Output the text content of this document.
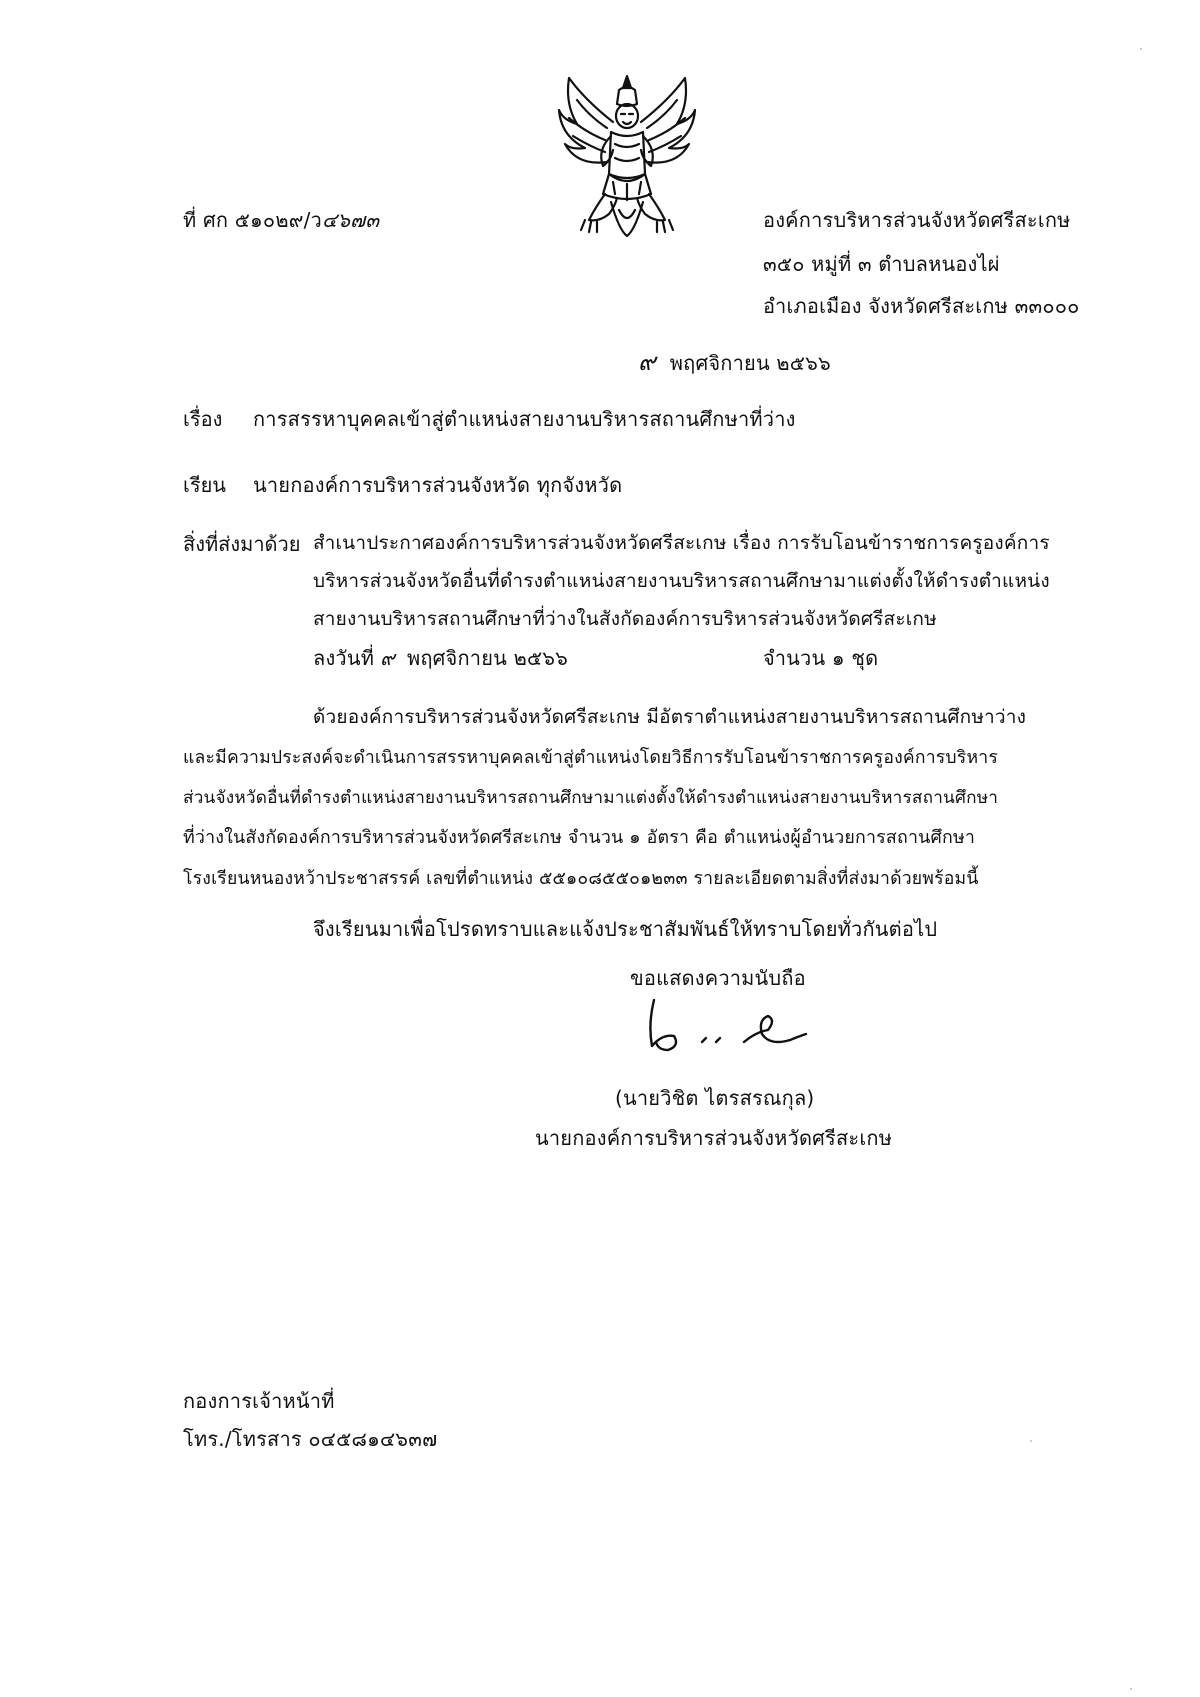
ที่ ศก ๕๑๐๒๙/ว๔๖๗๓	องค์การบริหารส่วนจังหวัดศรีสะเกษ
๓๕๐ หมู่ที่ ๓ ตำบลหนองไผ่
อำเภอเมือง จังหวัดศรีสะเกษ ๓๓๐๐๐
๙ พฤศจิกายน ๒๕๖๖
เรื่อง การสรรหาบุคคลเข้าสู่ตำแหน่งสายงานบริหารสถานศึกษาที่ว่าง
เรียน นายกองค์การบริหารส่วนจังหวัด ทุกจังหวัด
สิ่งที่ส่งมาด้วย สำเนาประกาศองค์การบริหารส่วนจังหวัดศรีสะเกษ เรื่อง การรับโอนข้าราชการครูองค์การ
บริหารส่วนจังหวัดอื่นที่ดำรงตำแหน่งสายงานบริหารสถานศึกษามาแต่งตั้งให้ดำรงตำแหน่ง
สายงานบริหารสถานศึกษาที่ว่างในสังกัดองค์การบริหารส่วนจังหวัดศรีสะเกษ
ลงวันที่ ๙ พฤศจิกายน ๒๕๖๖	จำนวน ๑ ชุด
ด้วยองค์การบริหารส่วนจังหวัดศรีสะเกษ มีอัตราตำแหน่งสายงานบริหารสถานศึกษาว่าง
และมีความประสงค์จะดำเนินการสรรหาบุคคลเข้าสู่ตำแหน่งโดยวิธีการรับโอนข้าราชการครูองค์การบริหาร
ส่วนจังหวัดอื่นที่ดำรงตำแหน่งสายงานบริหารสถานศึกษามาแต่งตั้งให้ดำรงตำแหน่งสายงานบริหารสถานศึกษา
ที่ว่างในสังกัดองค์การบริหารส่วนจังหวัดศรีสะเกษ จำนวน ๑ อัตรา คือ ตำแหน่งผู้อำนวยการสถานศึกษา
โรงเรียนหนองหว้าประชาสรรค์ เลขที่ตำแหน่ง ๕๕๑๐๘๕๕๐๑๒๓๓ รายละเอียดตามสิ่งที่ส่งมาด้วยพร้อมนี้
จึงเรียนมาเพื่อโปรดทราบและแจ้งประชาสัมพันธ์ให้ทราบโดยทั่วกันต่อไป
ขอแสดงความนับถือ
(นายวิชิต ไตรสรณกุล)
นายกองค์การบริหารส่วนจังหวัดศรีสะเกษ
กองการเจ้าหน้าที่
โทร./โทรสาร ๐๔๕๘๑๔๖๓๗
